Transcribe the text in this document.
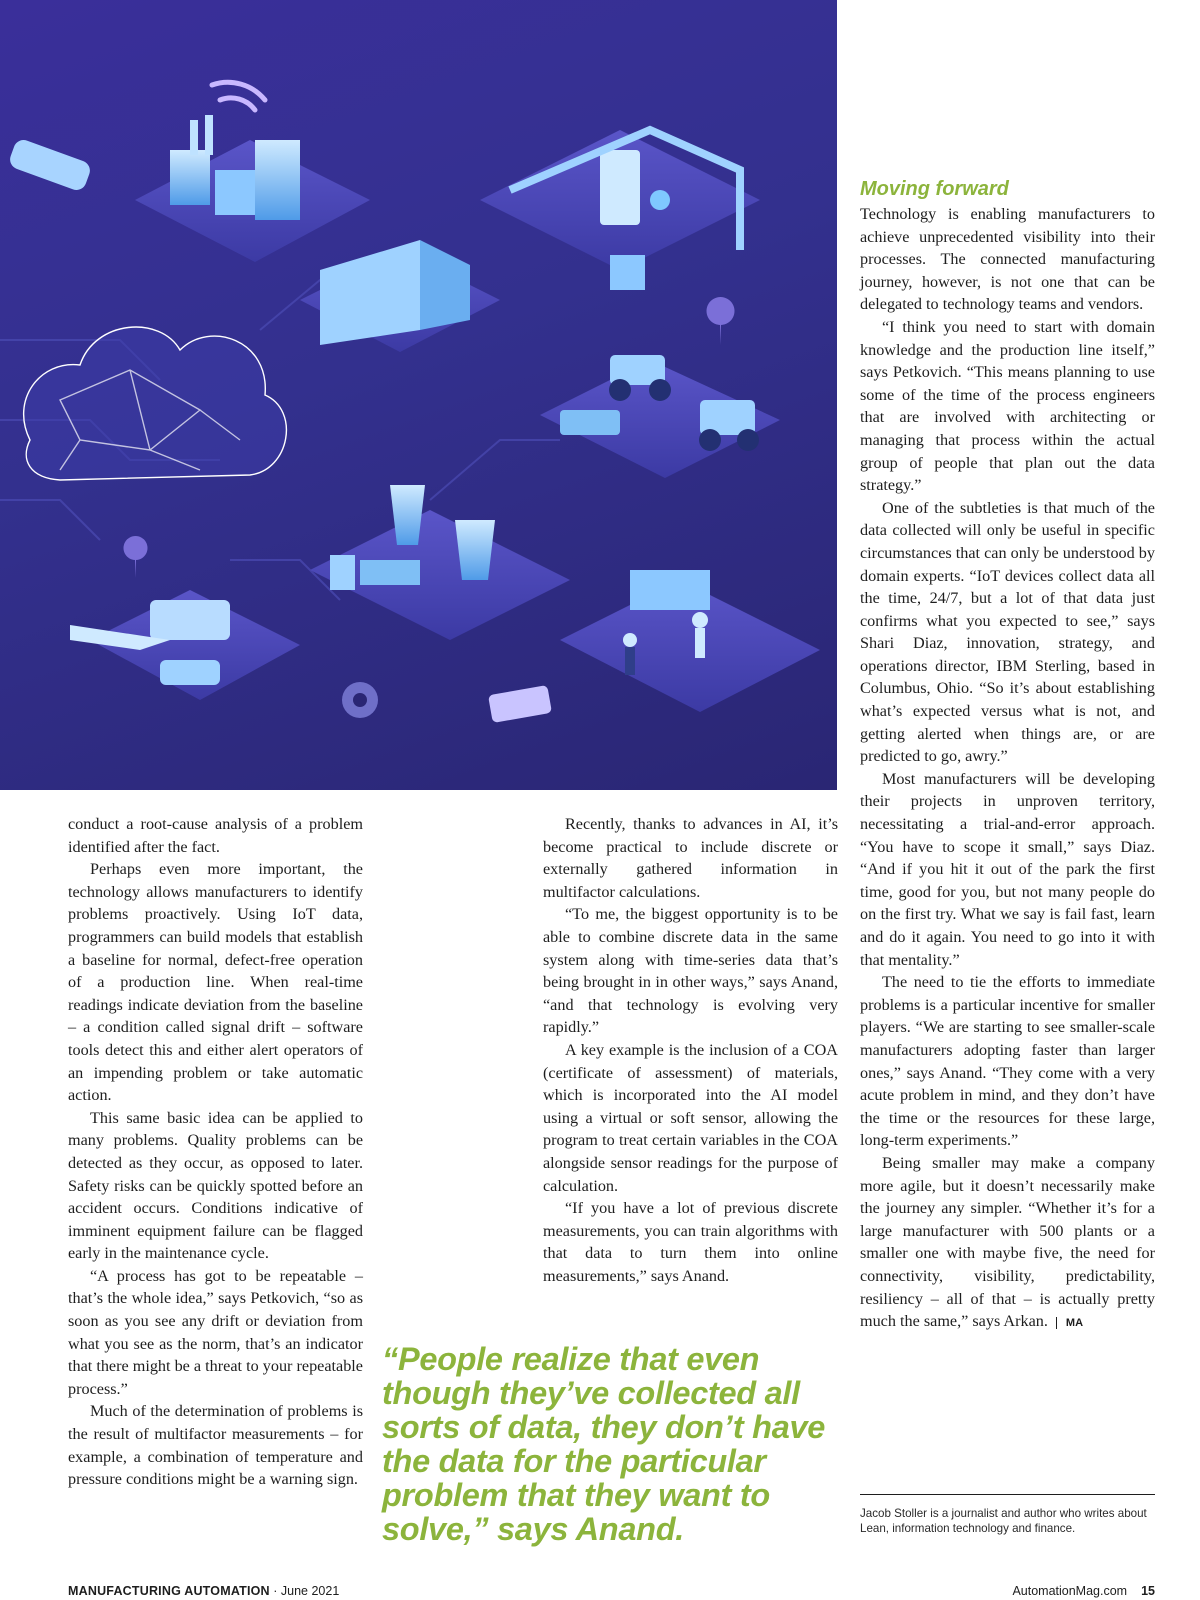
conduct a root-cause analysis of a problem identified after the fact.

Perhaps even more important, the technology allows manufacturers to identify problems proactively. Using IoT data, programmers can build models that establish a baseline for normal, defect-free operation of a production line. When real-time readings indicate deviation from the baseline – a condition called signal drift – software tools detect this and either alert operators of an impending problem or take automatic action.

This same basic idea can be applied to many problems. Quality problems can be detected as they occur, as opposed to later. Safety risks can be quickly spotted before an accident occurs. Conditions indicative of imminent equipment failure can be flagged early in the maintenance cycle.

“A process has got to be repeatable – that’s the whole idea,” says Petkovich, “so as soon as you see any drift or deviation from what you see as the norm, that’s an indicator that there might be a threat to your repeatable process.”

Much of the determination of problems is the result of multifactor measurements – for example, a combination of temperature and pressure conditions might be a warning sign.

Recently, thanks to advances in AI, it’s become practical to include discrete or externally gathered information in multifactor calculations.

“To me, the biggest opportunity is to be able to combine discrete data in the same system along with time-series data that’s being brought in in other ways,” says Anand, “and that technology is evolving very rapidly.”

A key example is the inclusion of a COA (certificate of assessment) of materials, which is incorporated into the AI model using a virtual or soft sensor, allowing the program to treat certain variables in the COA alongside sensor readings for the purpose of calculation.

“If you have a lot of previous discrete measurements, you can train algorithms with that data to turn them into online measurements,” says Anand.

“People realize that even though they’ve collected all sorts of data, they don’t have the data for the particular problem that they want to solve,” says Anand.
Moving forward

Technology is enabling manufacturers to achieve unprecedented visibility into their processes. The connected manufacturing journey, however, is not one that can be delegated to technology teams and vendors.

“I think you need to start with domain knowledge and the production line itself,” says Petkovich. “This means planning to use some of the time of the process engineers that are involved with architecting or managing that process within the actual group of people that plan out the data strategy.”

One of the subtleties is that much of the data collected will only be useful in specific circumstances that can only be understood by domain experts. “IoT devices collect data all the time, 24/7, but a lot of that data just confirms what you expected to see,” says Shari Diaz, innovation, strategy, and operations director, IBM Sterling, based in Columbus, Ohio. “So it’s about establishing what’s expected versus what is not, and getting alerted when things are, or are predicted to go, awry.”

Most manufacturers will be developing their projects in unproven territory, necessitating a trial-and-error approach. “You have to scope it small,” says Diaz. “And if you hit it out of the park the first time, good for you, but not many people do on the first try. What we say is fail fast, learn and do it again. You need to go into it with that mentality.”

The need to tie the efforts to immediate problems is a particular incentive for smaller players. “We are starting to see smaller-scale manufacturers adopting faster than larger ones,” says Anand. “They come with a very acute problem in mind, and they don’t have the time or the resources for these large, long-term experiments.”

Being smaller may make a company more agile, but it doesn’t necessarily make the journey any simpler. “Whether it’s for a large manufacturer with 500 plants or a smaller one with maybe five, the need for connectivity, visibility, predictability, resiliency – all of that – is actually pretty much the same,” says Arkan. MA

Jacob Stoller is a journalist and author who writes about Lean, information technology and finance.
MANUFACTURING AUTOMATION · June 2021	AutomationMag.com 15
